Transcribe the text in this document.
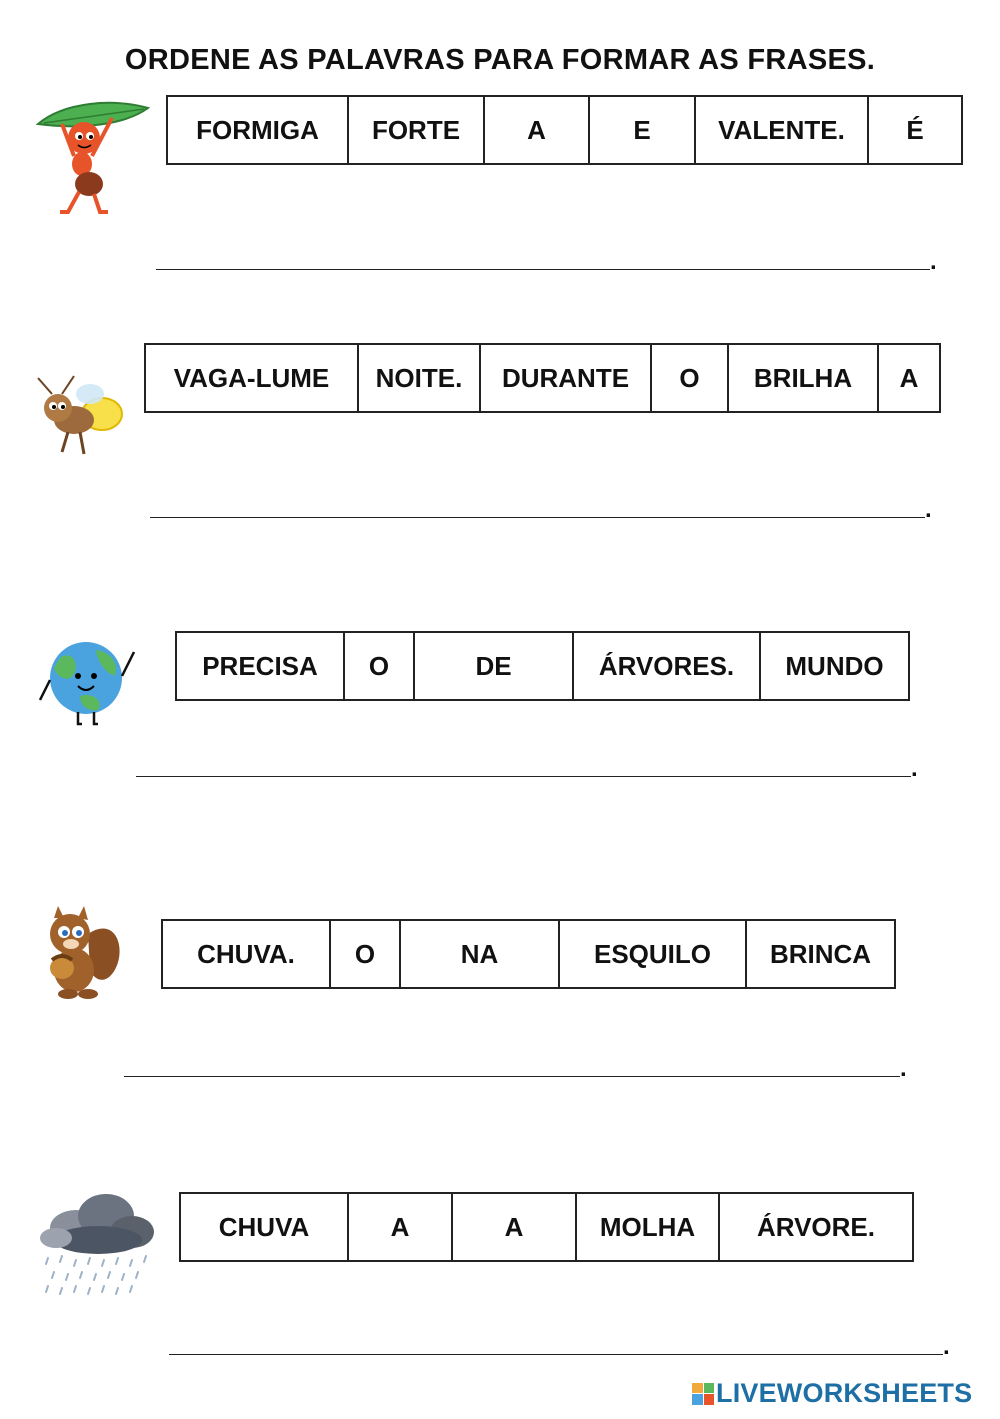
ORDENE AS PALAVRAS PARA FORMAR AS FRASES.
FORMIGA	FORTE	A	E	VALENTE.	É
.
VAGA-LUME	NOITE.	DURANTE	O	BRILHA	A
.
PRECISA	O	DE	ÁRVORES.	MUNDO
.
CHUVA.	O	NA	ESQUILO	BRINCA
.
CHUVA	A	A	MOLHA	ÁRVORE.
.
LIVEWORKSHEETS
